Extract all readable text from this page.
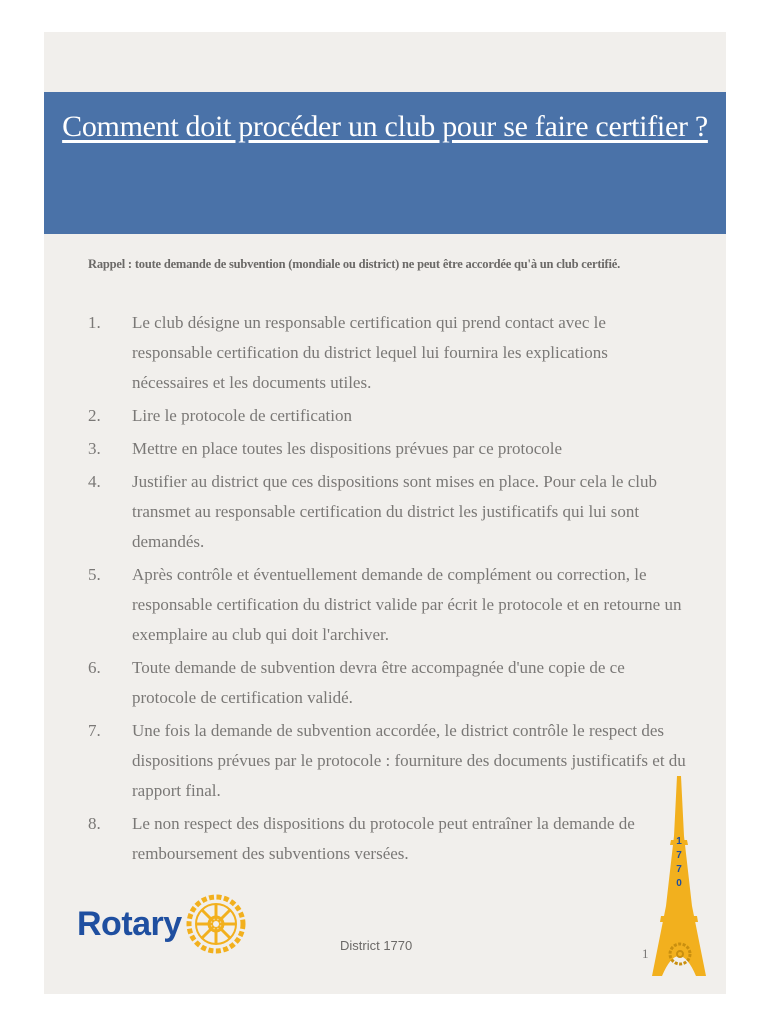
Comment doit procéder un club pour se faire certifier ?
Rappel : toute demande de subvention (mondiale ou district) ne peut être accordée qu'à un club certifié.
1.	Le club désigne un responsable certification qui prend contact avec le responsable certification du district lequel lui fournira les explications nécessaires et les documents utiles.
2.	Lire le protocole de certification
3.	Mettre en place toutes les dispositions prévues par ce protocole
4.	Justifier au district que ces dispositions sont mises en place. Pour cela le club transmet au responsable certification du district les justificatifs qui lui sont demandés.
5.	Après contrôle et éventuellement demande de complément ou correction, le responsable certification du district valide par écrit le protocole et en retourne un exemplaire au club qui doit l'archiver.
6.	Toute demande de subvention devra être accompagnée d'une copie de ce protocole de certification validé.
7.	Une fois la demande de subvention accordée, le district contrôle le respect des dispositions prévues par le protocole : fourniture des documents justificatifs et du rapport final.
8.	Le non respect des dispositions du protocole peut entraîner la demande de remboursement des subventions versées.
Rotary
District 1770
1
1
7
7
0
